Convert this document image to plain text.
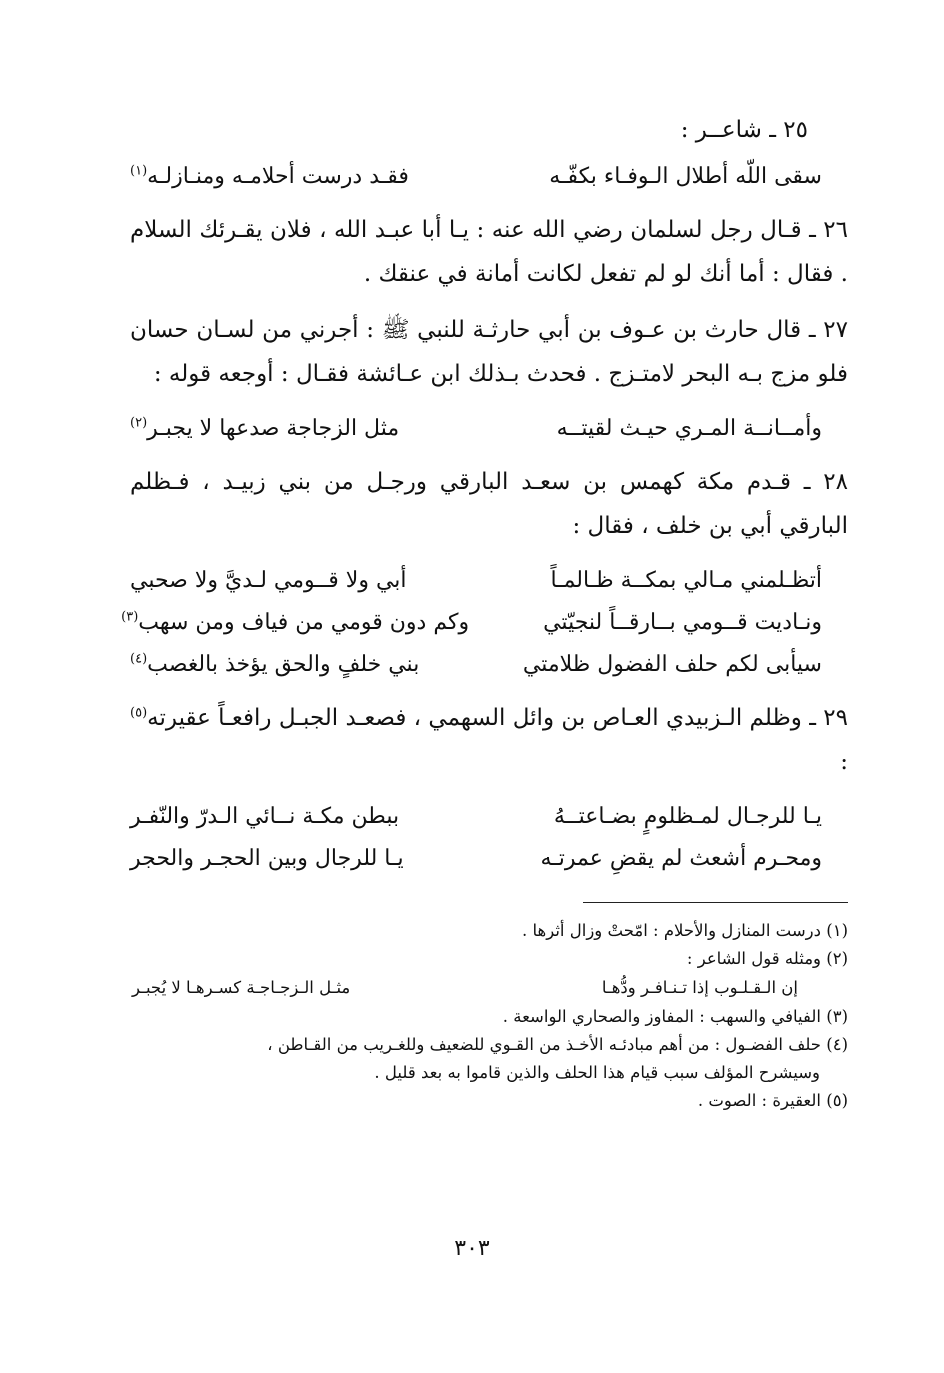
٢٥ ـ شاعــر :
سقى اللّه أطلال الـوفـاء بكفّـه
فقـد درست أحلامـه ومنـازلـه$^{(١)}$

٢٦ ـ قـال رجل لسلمان رضي الله عنه : يـا أبا عبـد الله ، فلان يقـرئك السلام . فقال : أما أنك لو لم تفعل لكانت أمانة في عنقك .

٢٧ ـ قال حارث بن عـوف بن أبي حارثـة للنبي ﷺ : أجرني من لسـان حسان فلو مزج بـه البحر لامتـزج . فحدث بـذلك ابن عـائشة فقـال : أوجعه قوله :

وأمــانــة المـري حيـث لقيتــه
مثل الزجاجة صدعها لا يجبـر$^{(٢)}$

٢٨ ـ قـدم مكة كهمس بن سعـد البارقي ورجـل من بني زبيـد ، فـظلم البارقي أبي بن خلف ، فقال :

أتظـلمني مـالي بمكــة ظـالمـاً
أبي ولا قــومي لـديَّ ولا صحبي
ونـاديت قــومي بــارقــاً لنجيّتي
وكم دون قومي من فياف ومن سهب$^{(٣)}$
سيأبى لكم حلف الفضول ظلامتي
بني خلفٍ والحق يؤخذ بالغصب$^{(٤)}$

٢٩ ـ وظلم الـزبيدي العـاص بن وائل السهمي ، فصعـد الجبـل رافعـاً عقيرته$^{(٥)}$ :

يـا للرجـال لمـظلومٍ بضـاعتــهُ
ببطن مكـة نــائي الـدرّ والنّفـر
ومحـرم أشعث لم يقضِ عمرتـه
يـا للرجال وبين الحجـر والحجر

(١) درست المنازل والأحلام : امّحتْ وزال أثرها .

(٢) ومثله قول الشاعر :

إن الـقـلـوب إذا تـنـافـر ودُّهـا
مثـل الـزجـاجـة كسـرهـا لا يُجبـر

(٣) الفيافي والسهب : المفاوز والصحاري الواسعة .

(٤) حلف الفضـول : من أهم مبادئـه الأخـذ من القـوي للضعيف وللغـريب من القـاطن ،

وسيشرح المؤلف سبب قيام هذا الحلف والذين قاموا به بعد قليل .

(٥) العقيرة : الصوت .

٣٠٣
